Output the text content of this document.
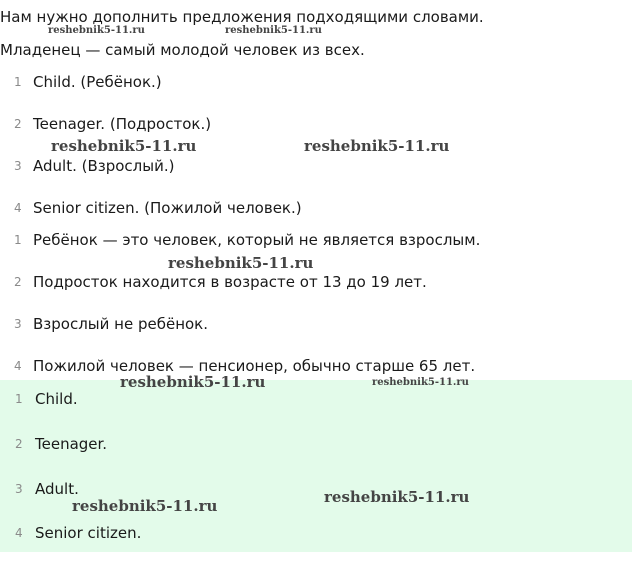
Нам нужно дополнить предложения подходящими словами.
Младенец — самый молодой человек из всех.
1 Child. (Ребёнок.)
2 Teenager. (Подросток.)
3 Adult. (Взрослый.)
4 Senior citizen. (Пожилой человек.)
1 Ребёнок — это человек, который не является взрослым.
2 Подросток находится в возрасте от 13 до 19 лет.
3 Взрослый не ребёнок.
4 Пожилой человек — пенсионер, обычно старше 65 лет.
1 Child.
2 Teenager.
3 Adult.
4 Senior citizen.
reshebnik5-11.ru	reshebnik5-11.ru
reshebnik5-11.ru	reshebnik5-11.ru
reshebnik5-11.ru
reshebnik5-11.ru	reshebnik5-11.ru
reshebnik5-11.ru
reshebnik5-11.ru
